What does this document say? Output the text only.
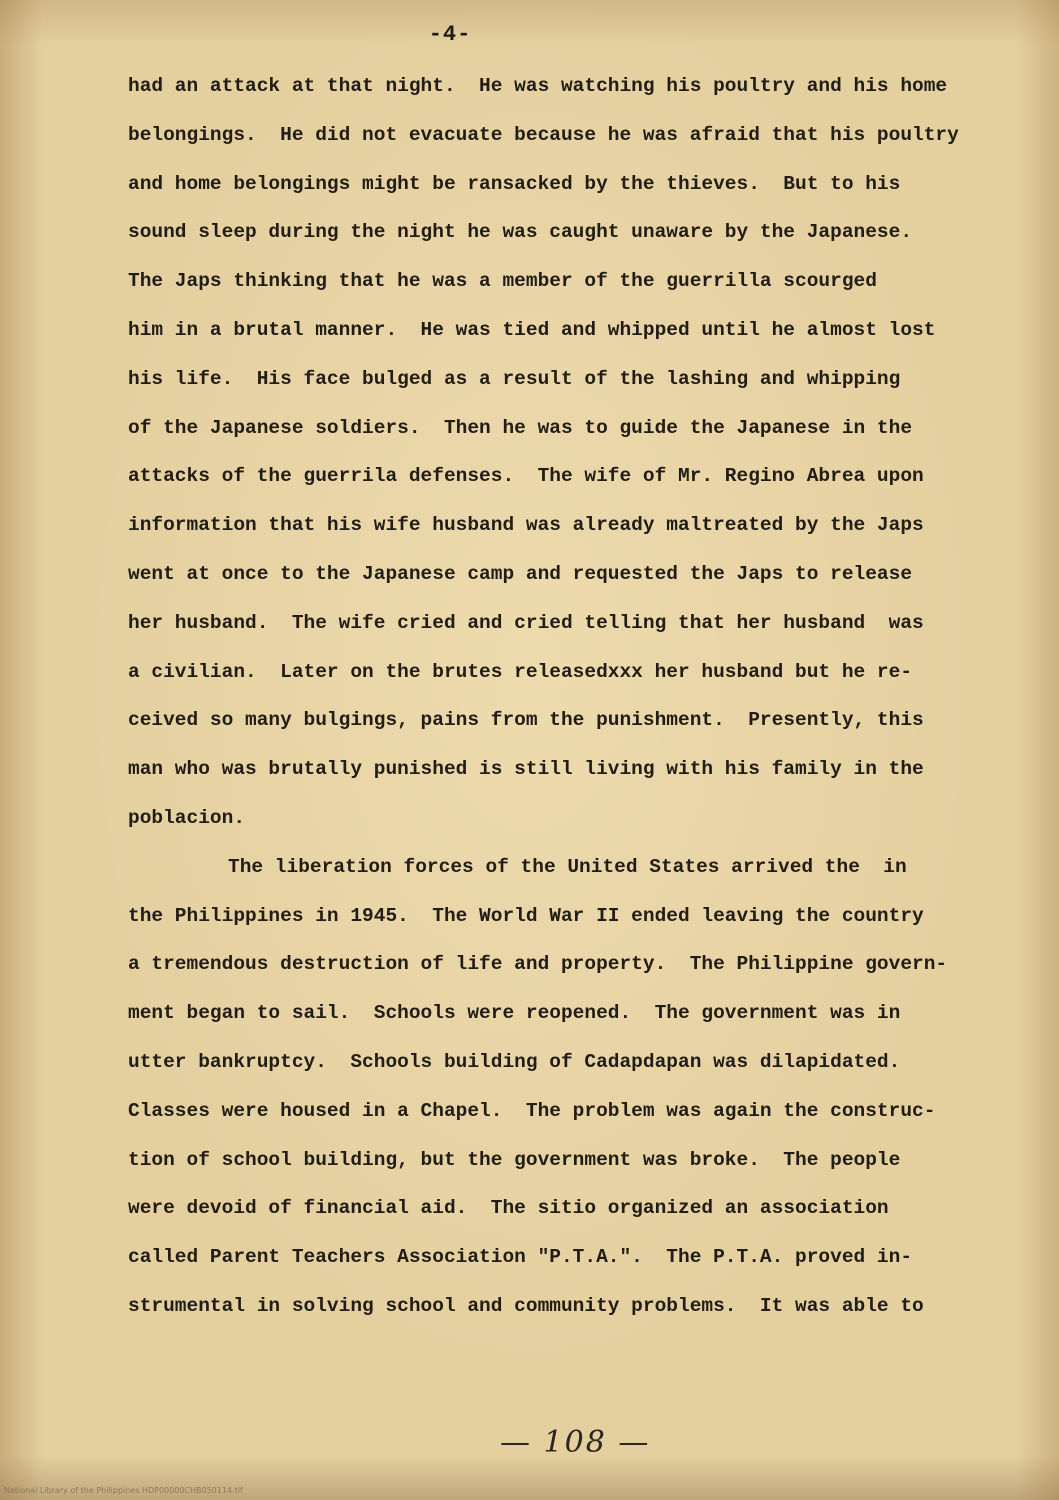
-4-
had an attack at that night.  He was watching his poultry and his home
belongings.  He did not evacuate because he was afraid that his poultry
and home belongings might be ransacked by the thieves.  But to his
sound sleep during the night he was caught unaware by the Japanese.
The Japs thinking that he was a member of the guerrilla scourged
him in a brutal manner.  He was tied and whipped until he almost lost
his life.  His face bulged as a result of the lashing and whipping
of the Japanese soldiers.  Then he was to guide the Japanese in the
attacks of the guerrila defenses.  The wife of Mr. Regino Abrea upon
information that his wife husband was already maltreated by the Japs
went at once to the Japanese camp and requested the Japs to release
her husband.  The wife cried and cried telling that her husband  was
a civilian.  Later on the brutes releasedxxx her husband but he re-
ceived so many bulgings, pains from the punishment.  Presently, this
man who was brutally punished is still living with his family in the
poblacion.
The liberation forces of the United States arrived the  in
the Philippines in 1945.  The World War II ended leaving the country
a tremendous destruction of life and property.  The Philippine govern-
ment began to sail.  Schools were reopened.  The government was in
utter bankruptcy.  Schools building of Cadapdapan was dilapidated.
Classes were housed in a Chapel.  The problem was again the construc-
tion of school building, but the government was broke.  The people
were devoid of financial aid.  The sitio organized an association
called Parent Teachers Association "P.T.A.".  The P.T.A. proved in-
strumental in solving school and community problems.  It was able to
— 108 —
National Library of the Philippines HDP00000CHB050114.tif
